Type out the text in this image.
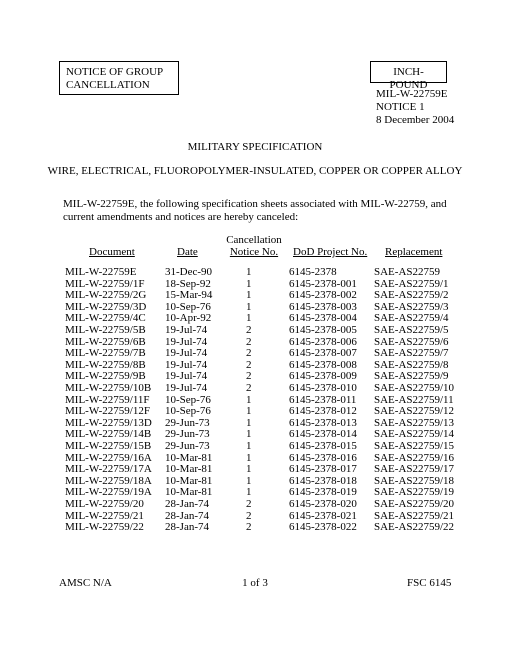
NOTICE OF GROUP
CANCELLATION
INCH-POUND
MIL-W-22759E
NOTICE 1
8 December 2004
MILITARY SPECIFICATION
WIRE, ELECTRICAL, FLUOROPOLYMER-INSULATED, COPPER OR COPPER ALLOY
MIL-W-22759E, the following specification sheets associated with MIL-W-22759, and current amendments and notices are hereby canceled:
Cancellation
Document	Date	Notice No.	DoD Project No. Replacement
MIL-W-22759E	31-Dec-90	1	6145-2378	SAE-AS22759
MIL-W-22759/1F 18-Sep-92	1	6145-2378-001 SAE-AS22759/1
MIL-W-22759/2G 15-Mar-94	1	6145-2378-002 SAE-AS22759/2
MIL-W-22759/3D 10-Sep-76	1	6145-2378-003 SAE-AS22759/3
MIL-W-22759/4C 10-Apr-92	1	6145-2378-004 SAE-AS22759/4
MIL-W-22759/5B 19-Jul-74	2	6145-2378-005 SAE-AS22759/5
MIL-W-22759/6B 19-Jul-74	2	6145-2378-006 SAE-AS22759/6
MIL-W-22759/7B 19-Jul-74	2	6145-2378-007 SAE-AS22759/7
MIL-W-22759/8B 19-Jul-74	2	6145-2378-008 SAE-AS22759/8
MIL-W-22759/9B 19-Jul-74	2	6145-2378-009 SAE-AS22759/9
MIL-W-22759/10B 19-Jul-74	2	6145-2378-010 SAE-AS22759/10
MIL-W-22759/11F 10-Sep-76	1	6145-2378-011 SAE-AS22759/11
MIL-W-22759/12F 10-Sep-76	1	6145-2378-012 SAE-AS22759/12
MIL-W-22759/13D 29-Jun-73	1	6145-2378-013 SAE-AS22759/13
MIL-W-22759/14B 29-Jun-73	1	6145-2378-014 SAE-AS22759/14
MIL-W-22759/15B 29-Jun-73	1	6145-2378-015 SAE-AS22759/15
MIL-W-22759/16A 10-Mar-81	1	6145-2378-016 SAE-AS22759/16
MIL-W-22759/17A 10-Mar-81	1	6145-2378-017 SAE-AS22759/17
MIL-W-22759/18A 10-Mar-81	1	6145-2378-018 SAE-AS22759/18
MIL-W-22759/19A 10-Mar-81	1	6145-2378-019 SAE-AS22759/19
MIL-W-22759/20 28-Jan-74	2	6145-2378-020 SAE-AS22759/20
MIL-W-22759/21 28-Jan-74	2	6145-2378-021 SAE-AS22759/21
MIL-W-22759/22 28-Jan-74	2	6145-2378-022 SAE-AS22759/22
AMSC N/A	1 of 3	FSC 6145
